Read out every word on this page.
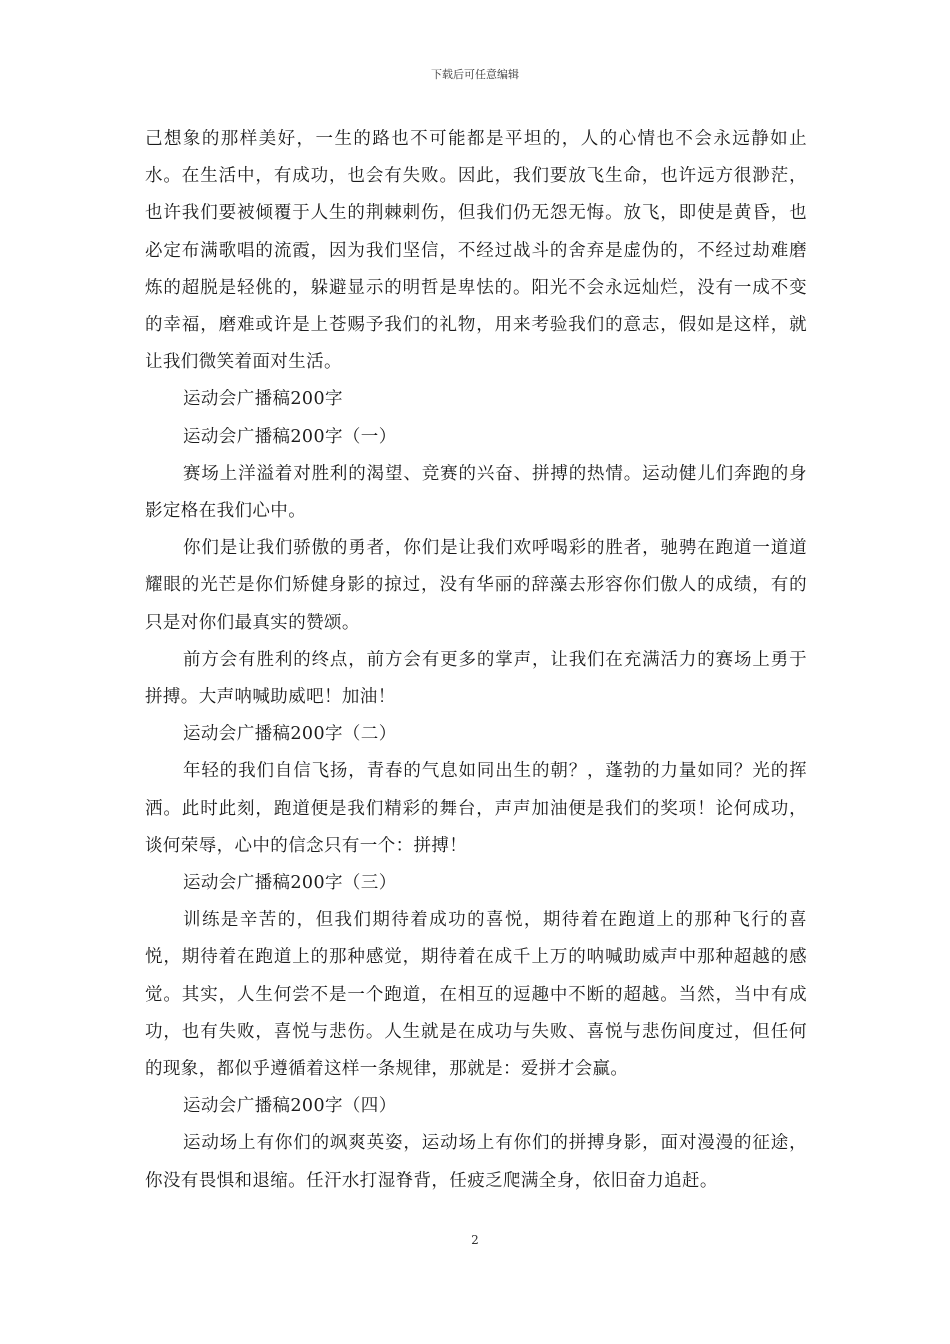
下载后可任意编辑

己想象的那样美好，一生的路也不可能都是平坦的，人的心情也不会永远静如止水。在生活中，有成功，也会有失败。因此，我们要放飞生命，也许远方很渺茫，也许我们要被倾覆于人生的荆棘刺伤，但我们仍无怨无悔。放飞，即使是黄昏，也必定布满歌唱的流霞，因为我们坚信，不经过战斗的舍弃是虚伪的，不经过劫难磨炼的超脱是轻佻的，躲避显示的明哲是卑怯的。阳光不会永远灿烂，没有一成不变的幸福，磨难或许是上苍赐予我们的礼物，用来考验我们的意志，假如是这样，就让我们微笑着面对生活。

运动会广播稿200字

运动会广播稿200字（一）

赛场上洋溢着对胜利的渴望、竞赛的兴奋、拼搏的热情。运动健儿们奔跑的身影定格在我们心中。

你们是让我们骄傲的勇者，你们是让我们欢呼喝彩的胜者，驰骋在跑道一道道耀眼的光芒是你们矫健身影的掠过，没有华丽的辞藻去形容你们傲人的成绩，有的只是对你们最真实的赞颂。

前方会有胜利的终点，前方会有更多的掌声，让我们在充满活力的赛场上勇于拼搏。大声呐喊助威吧！加油！

运动会广播稿200字（二）

年轻的我们自信飞扬，青春的气息如同出生的朝？，蓬勃的力量如同？光的挥洒。此时此刻，跑道便是我们精彩的舞台，声声加油便是我们的奖项！论何成功，谈何荣辱，心中的信念只有一个：拼搏！

运动会广播稿200字（三）

训练是辛苦的，但我们期待着成功的喜悦，期待着在跑道上的那种飞行的喜悦，期待着在跑道上的那种感觉，期待着在成千上万的呐喊助威声中那种超越的感觉。其实，人生何尝不是一个跑道，在相互的逗趣中不断的超越。当然，当中有成功，也有失败，喜悦与悲伤。人生就是在成功与失败、喜悦与悲伤间度过，但任何的现象，都似乎遵循着这样一条规律，那就是：爱拼才会赢。

运动会广播稿200字（四）

运动场上有你们的飒爽英姿，运动场上有你们的拼搏身影，面对漫漫的征途，你没有畏惧和退缩。任汗水打湿脊背，任疲乏爬满全身，依旧奋力追赶。

2
